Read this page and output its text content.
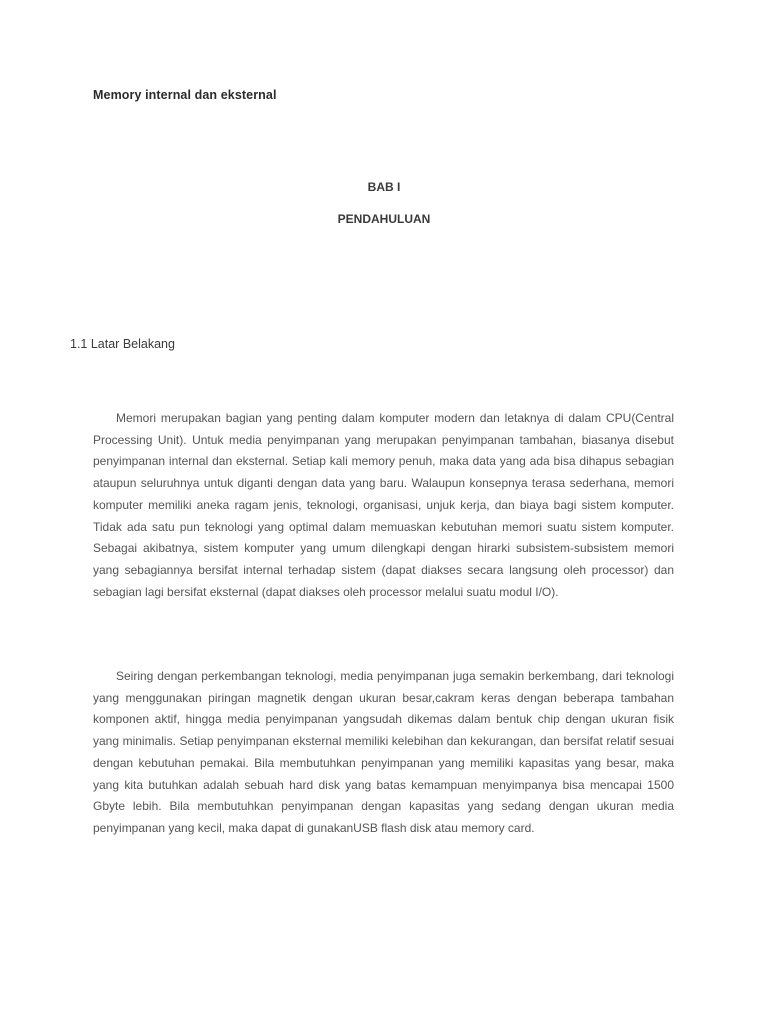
Memory internal dan eksternal
BAB I
PENDAHULUAN
1.1 Latar Belakang

Memori merupakan bagian yang penting dalam komputer modern dan letaknya di dalam CPU(Central Processing Unit). Untuk media penyimpanan yang merupakan penyimpanan tambahan, biasanya disebut penyimpanan internal dan eksternal. Setiap kali memory penuh, maka data yang ada bisa dihapus sebagian ataupun seluruhnya untuk diganti dengan data yang baru. Walaupun konsepnya terasa sederhana, memori komputer memiliki aneka ragam jenis, teknologi, organisasi, unjuk kerja, dan biaya bagi sistem komputer. Tidak ada satu pun teknologi yang optimal dalam memuaskan kebutuhan memori suatu sistem komputer. Sebagai akibatnya, sistem komputer yang umum dilengkapi dengan hirarki subsistem-subsistem memori yang sebagiannya bersifat internal terhadap sistem (dapat diakses secara langsung oleh processor) dan sebagian lagi bersifat eksternal (dapat diakses oleh processor melalui suatu modul I/O).

Seiring dengan perkembangan teknologi, media penyimpanan juga semakin berkembang, dari teknologi yang menggunakan piringan magnetik dengan ukuran besar,cakram keras dengan beberapa tambahan komponen aktif, hingga media penyimpanan yangsudah dikemas dalam bentuk chip dengan ukuran fisik yang minimalis. Setiap penyimpanan eksternal memiliki kelebihan dan kekurangan, dan bersifat relatif sesuai dengan kebutuhan pemakai. Bila membutuhkan penyimpanan yang memiliki kapasitas yang besar, maka yang kita butuhkan adalah sebuah hard disk yang batas kemampuan menyimpanya bisa mencapai 1500 Gbyte lebih. Bila membutuhkan penyimpanan dengan kapasitas yang sedang dengan ukuran media penyimpanan yang kecil, maka dapat di gunakanUSB flash disk atau memory card.
